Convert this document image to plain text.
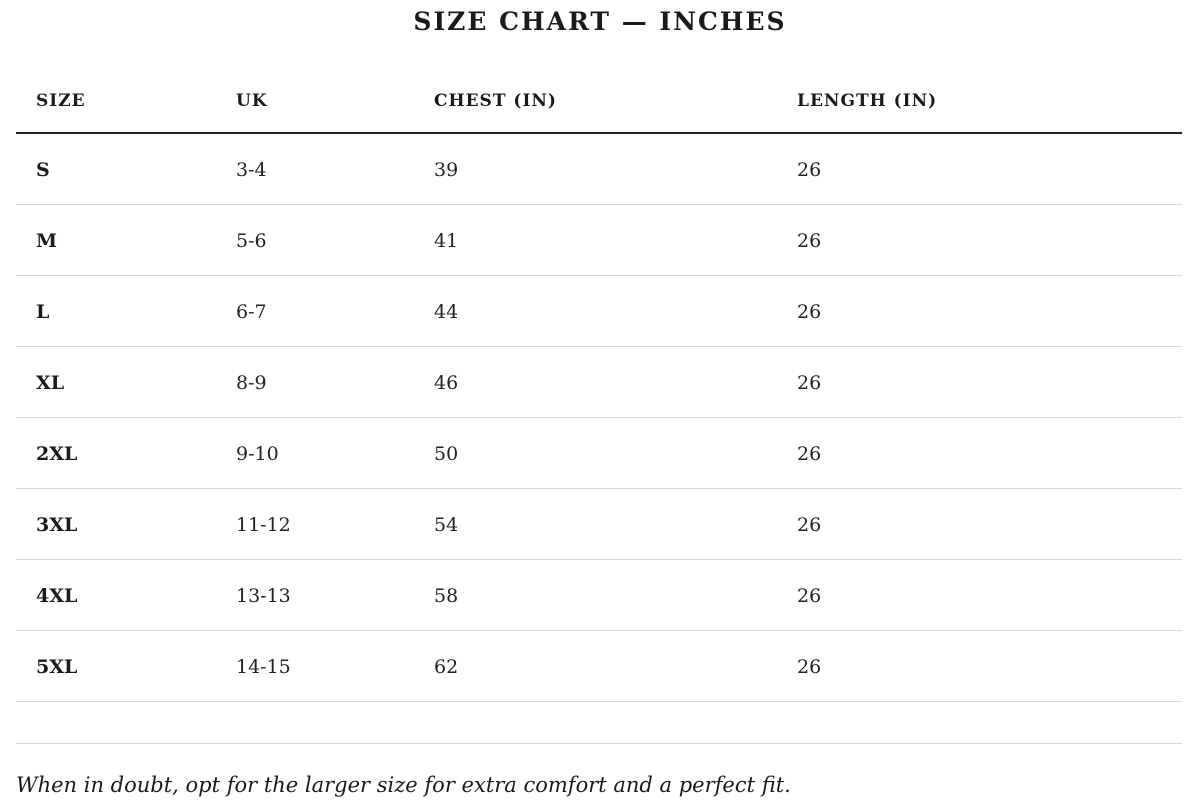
SIZE CHART — INCHES
SIZE	UK	CHEST (IN)	LENGTH (IN)
S	3-4	39	26
M	5-6	41	26
L	6-7	44	26
XL	8-9	46	26
2XL	9-10	50	26
3XL	11-12	54	26
4XL	13-13	58	26
5XL	14-15	62	26

When in doubt, opt for the larger size for extra comfort and a perfect fit.
